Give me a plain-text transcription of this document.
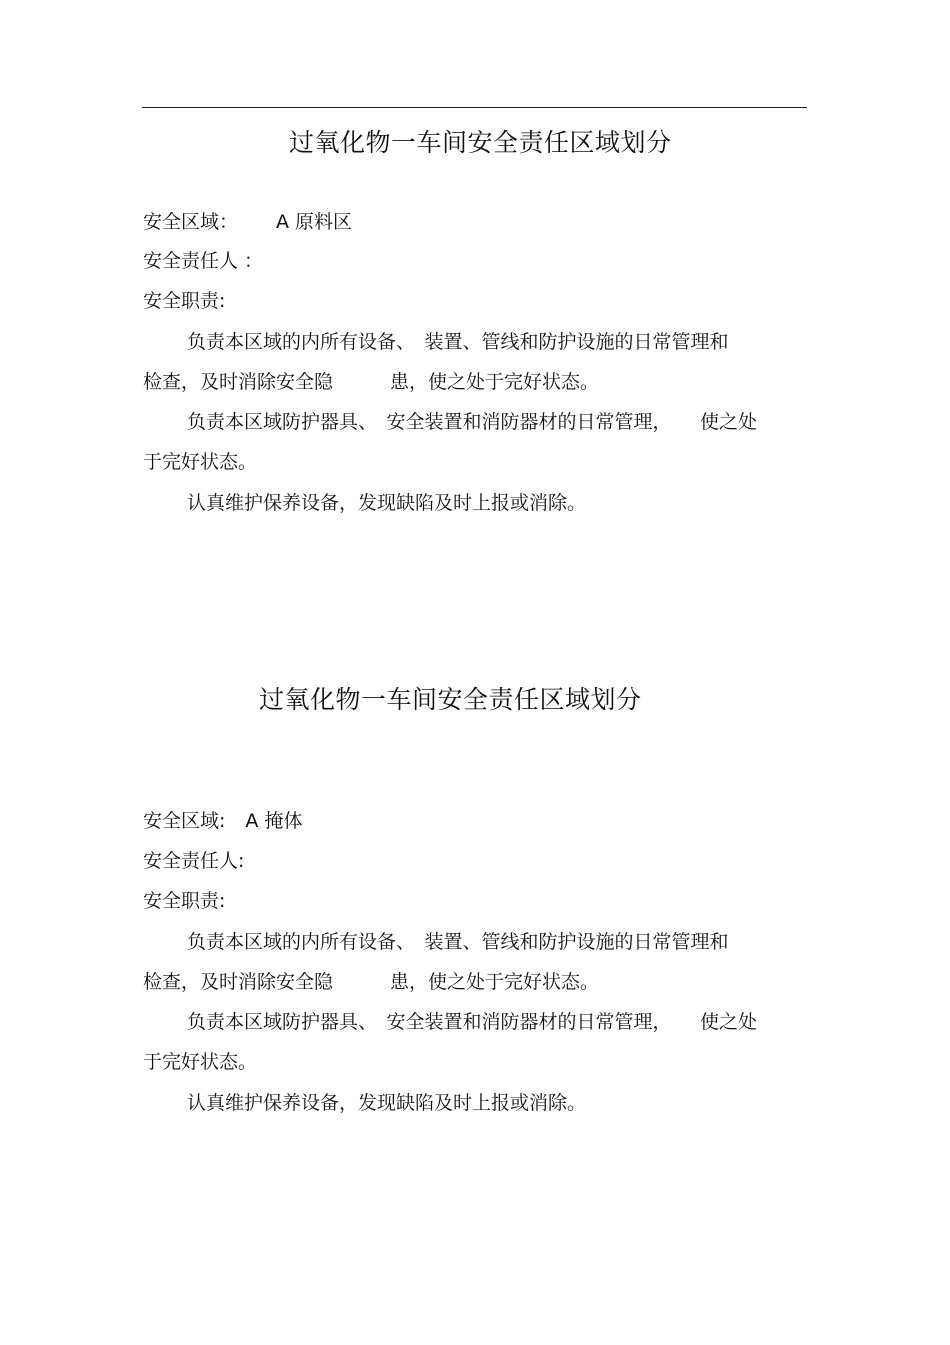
过氧化物一车间安全责任区域划分
安全区域： A 原料区
安全责任人 ：
安全职责:
负责本区域的内所有设备、　装置、管线和防护设施的日常管理和
检查，及时消除安全隐　　　患，使之处于完好状态。
负责本区域防护器具、　安全装置和消防器材的日常管理，　　使之处
于完好状态。
认真维护保养设备，发现缺陷及时上报或消除。
过氧化物一车间安全责任区域划分
安全区域: A 掩体
安全责任人:
安全职责:
负责本区域的内所有设备、　装置、管线和防护设施的日常管理和
检查，及时消除安全隐　　　患，使之处于完好状态。
负责本区域防护器具、　安全装置和消防器材的日常管理，　　使之处
于完好状态。
认真维护保养设备，发现缺陷及时上报或消除。
